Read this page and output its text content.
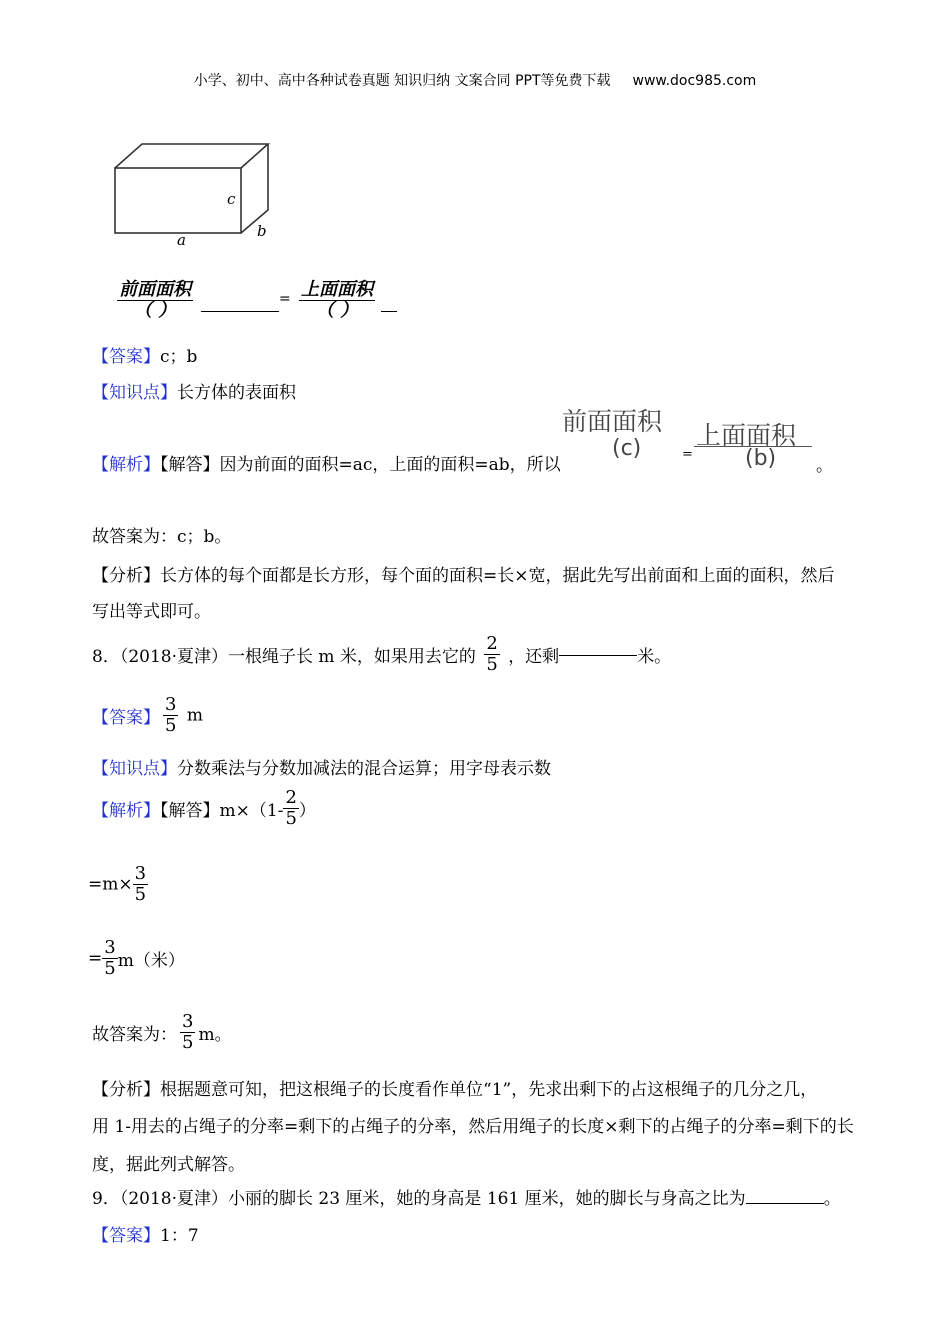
小学、初中、高中各种试卷真题 知识归纳 文案合同 PPT等免费下载 www.doc985.com
c
a	b
$\frac{\text{前面面积}}{( )}$	= $\frac{\text{上面面积}}{( )}$
【答案】c；b
【知识点】长方体的表面积
【解析】【解答】因为前面的面积=ac，上面的面积=ab，所以
前面面积
(c)	=
上面面积
(b) 。
故答案为：c；b。
【分析】长方体的每个面都是长方形，每个面的面积=长×宽，据此先写出前面和上面的面积，然后
写出等式即可。
8．（2018·夏津）一根绳子长 m 米，如果用去它的 $\frac{2}{5}$ ，还剩	米。
【答案】 $\frac{3}{5}$ m
【知识点】分数乘法与分数加减法的混合运算；用字母表示数
【解析】【解答】$m\times(1- \frac{2}{5}$ ）
$=m\times \frac{3}{5}$
= $\frac{3}{5} m$（米）
故答案为： $\frac{3}{5}$ m。
【分析】根据题意可知，把这根绳子的长度看作单位“1”，先求出剩下的占这根绳子的几分之几，
用 1-用去的占绳子的分率=剩下的占绳子的分率，然后用绳子的长度×剩下的占绳子的分率=剩下的长
度，据此列式解答。
9．（2018·夏津）小丽的脚长 23 厘米，她的身高是 161 厘米，她的脚长与身高之比为	。
【答案】1：7
